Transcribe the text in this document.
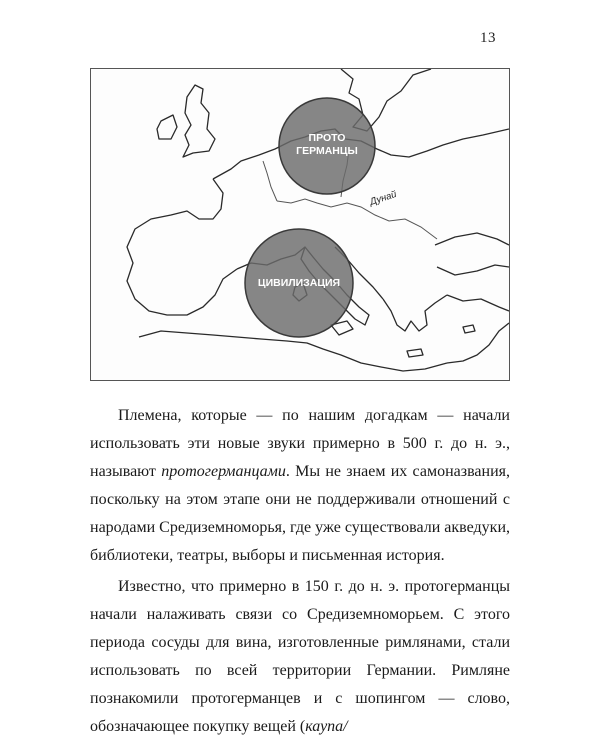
13
ПРОТО
ГЕРМАНЦЫ
ЦИВИЛИЗАЦИЯ
Дунай

Племена, которые — по нашим догадкам — начали использовать эти новые звуки примерно в 500 г. до н. э., называют протогерманцами. Мы не знаем их самоназвания, поскольку на этом этапе они не поддерживали отношений с народами Средиземноморья, где уже существовали акведуки, библиотеки, театры, выборы и письменная история.

Известно, что примерно в 150 г. до н. э. протогерманцы начали налаживать связи со Средиземноморьем. С этого периода сосуды для вина, изготовленные римлянами, стали использовать по всей территории Германии. Римляне познакомили протогерманцев и с шопингом — слово, обозначающее покупку вещей (каупа/
